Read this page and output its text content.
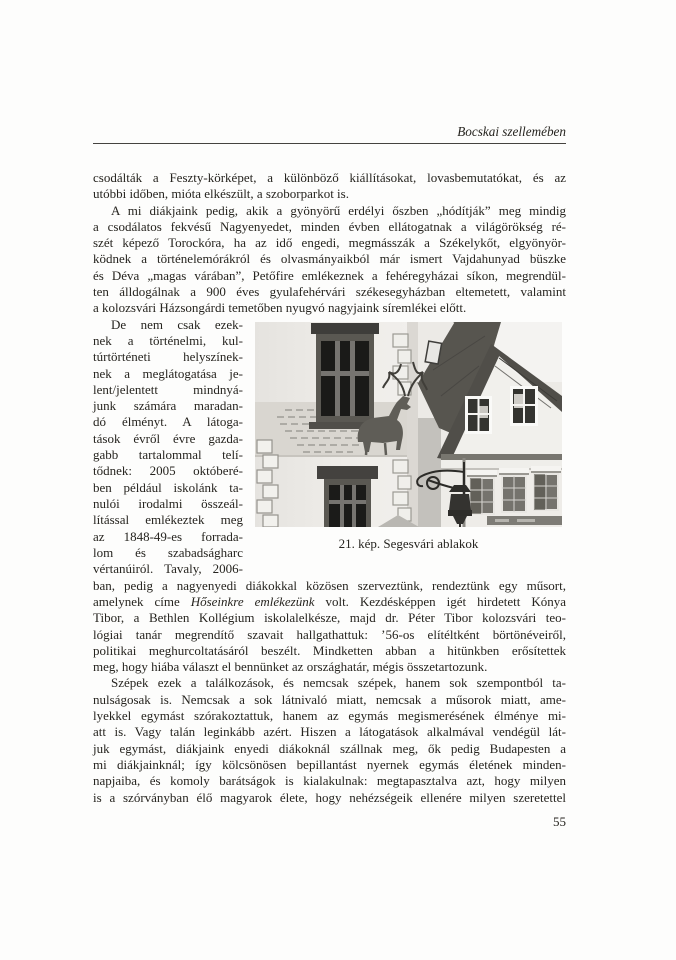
Bocskai szellemében
csodálták a Feszty-körképet, a különböző kiállításokat, lovasbemutatókat, és az
utóbbi időben, mióta elkészült, a szoborparkot is.
A mi diákjaink pedig, akik a gyönyörű erdélyi őszben „hódítják” meg mindig
a csodálatos fekvésű Nagyenyedet, minden évben ellátogatnak a világörökség ré-
szét képező Torockóra, ha az idő engedi, megmásszák a Székelykőt, elgyönyör-
ködnek a történelemórákról és olvasmányaikból már ismert Vajdahunyad büszke
és Déva „magas várában”, Petőfire emlékeznek a fehéregyházai síkon, megrendül-
ten álldogálnak a 900 éves gyulafehérvári székesegyházban eltemetett, valamint
a kolozsvári Házsongárdi temetőben nyugvó nagyjaink síremlékei előtt.
De nem csak ezek-
nek a történelmi, kul-
túrtörténeti helyszínek-
nek a meglátogatása je-
lent/jelentett mindnyá-
junk számára maradan-
dó élményt. A látoga-
tások évről évre gazda-
gabb tartalommal telí-
tődnek: 2005 októberé-
ben például iskolánk ta-
nulói irodalmi összeál-
lítással emlékeztek meg
az 1848-49-es forrada-
lom és szabadságharc
vértanúiról. Tavaly, 2006-
21. kép. Segesvári ablakok
ban, pedig a nagyenyedi diákokkal közösen szerveztünk, rendeztünk egy műsort,
amelynek címe Hőseinkre emlékezünk volt. Kezdésképpen igét hirdetett Kónya
Tibor, a Bethlen Kollégium iskolalelkésze, majd dr. Péter Tibor kolozsvári teo-
lógiai tanár megrendítő szavait hallgathattuk: ’56-os elítéltként börtönéveiről,
politikai meghurcoltatásáról beszélt. Mindketten abban a hitünkben erősítettek
meg, hogy hiába választ el bennünket az országhatár, mégis összetartozunk.
Szépek ezek a találkozások, és nemcsak szépek, hanem sok szempontból ta-
nulságosak is. Nemcsak a sok látnivaló miatt, nemcsak a műsorok miatt, ame-
lyekkel egymást szórakoztattuk, hanem az egymás megismerésének élménye mi-
att is. Vagy talán leginkább azért. Hiszen a látogatások alkalmával vendégül lát-
juk egymást, diákjaink enyedi diákoknál szállnak meg, ők pedig Budapesten a
mi diákjainknál; így kölcsönösen bepillantást nyernek egymás életének minden-
napjaiba, és komoly barátságok is kialakulnak: megtapasztalva azt, hogy milyen
is a szórványban élő magyarok élete, hogy nehézségeik ellenére milyen szeretettel
55
